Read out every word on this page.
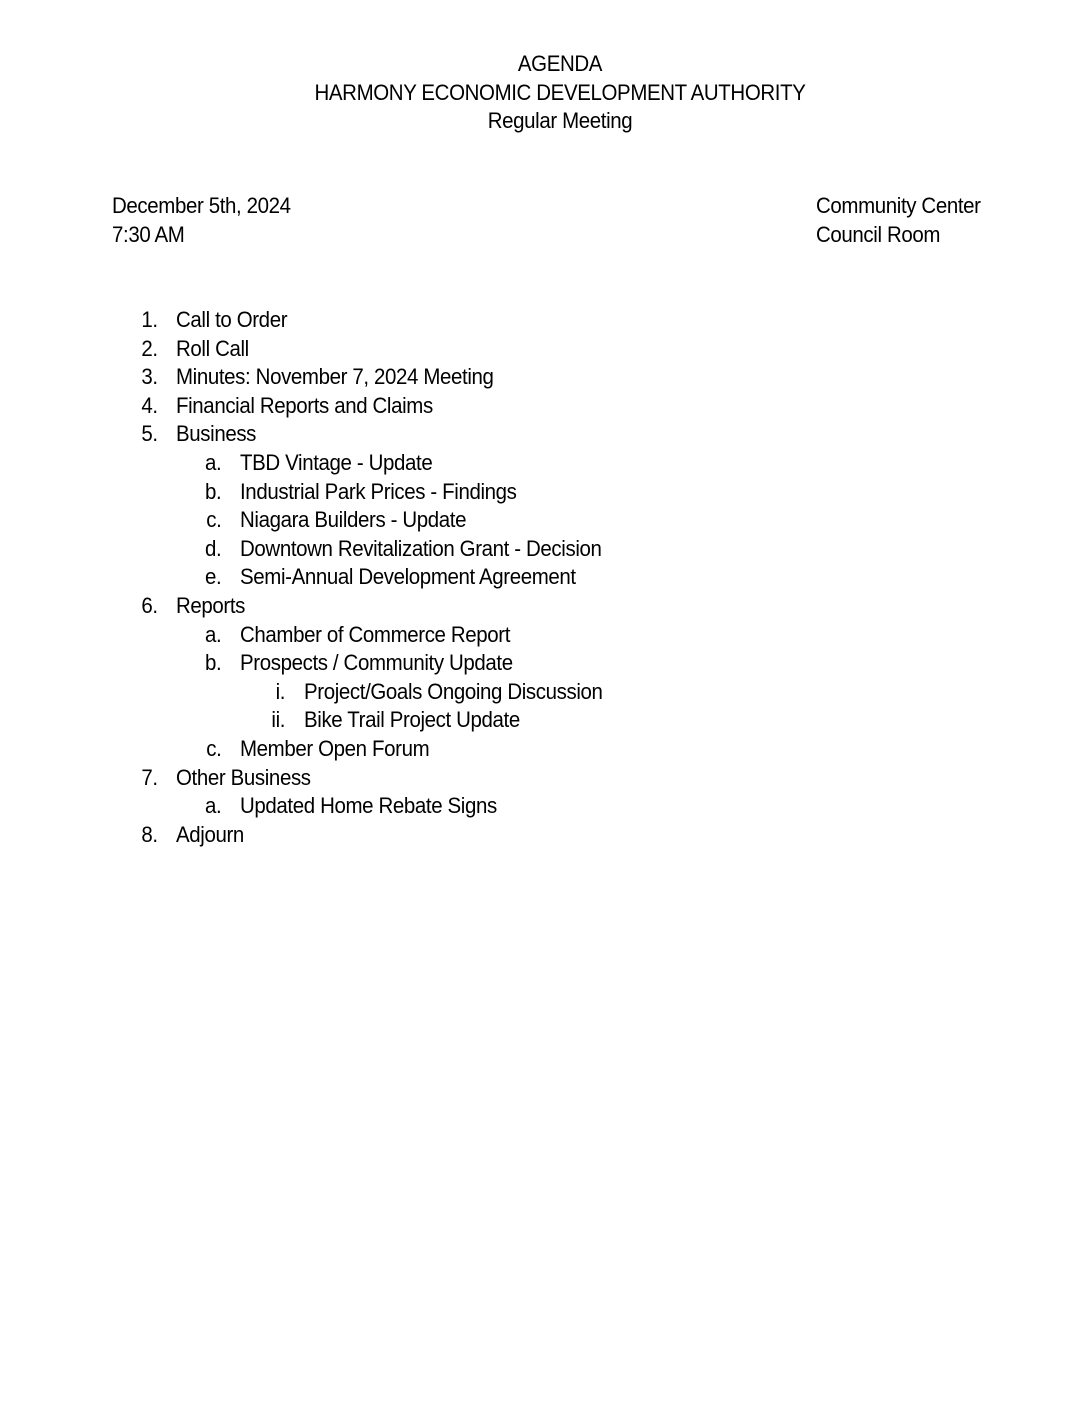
AGENDA
HARMONY ECONOMIC DEVELOPMENT AUTHORITY
Regular Meeting
December 5th, 2024
7:30 AM
Community Center
Council Room
1. Call to Order
2. Roll Call
3. Minutes: November 7, 2024 Meeting
4. Financial Reports and Claims
5. Business
a. TBD Vintage - Update
b. Industrial Park Prices - Findings
c. Niagara Builders - Update
d. Downtown Revitalization Grant - Decision
e. Semi-Annual Development Agreement
6. Reports
a. Chamber of Commerce Report
b. Prospects / Community Update
i. Project/Goals Ongoing Discussion
ii. Bike Trail Project Update
c. Member Open Forum
7. Other Business
a. Updated Home Rebate Signs
8. Adjourn
